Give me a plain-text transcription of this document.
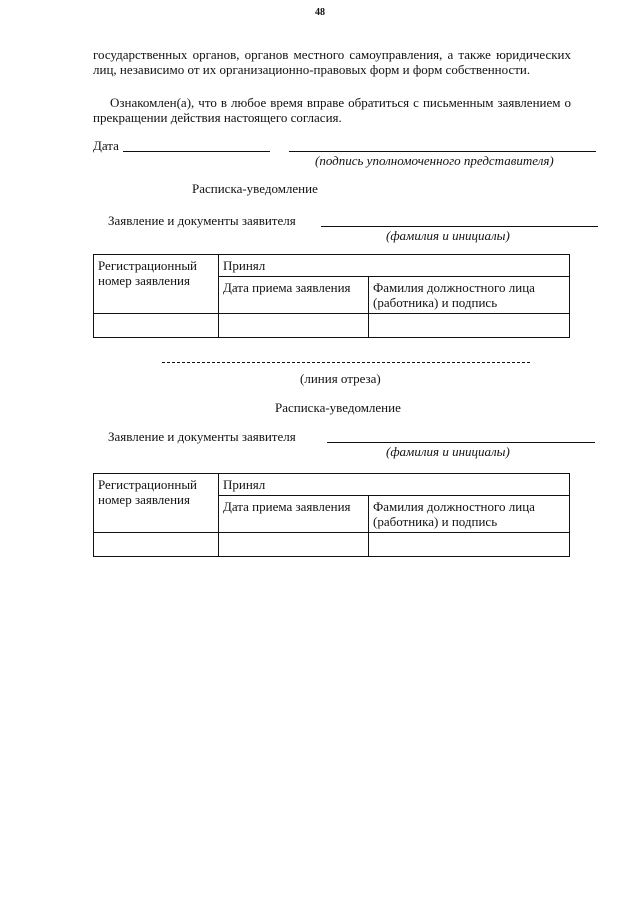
48
государственных органов, органов местного самоуправления, а также юридических лиц, независимо от их организационно-правовых форм и форм собственности.
Ознакомлен(а), что в любое время вправе обратиться с письменным заявлением о прекращении действия настоящего согласия.
Дата
(подпись уполномоченного представителя)
Расписка-уведомление
Заявление и документы заявителя
(фамилия и инициалы)
Регистрационный номер заявления	Принял	
	Дата приема заявления	Фамилия должностного лица (работника) и подпись

(линия отреза)
Расписка-уведомление
Заявление и документы заявителя
(фамилия и инициалы)
Регистрационный номер заявления	Принял	
	Дата приема заявления	Фамилия должностного лица (работника) и подпись
